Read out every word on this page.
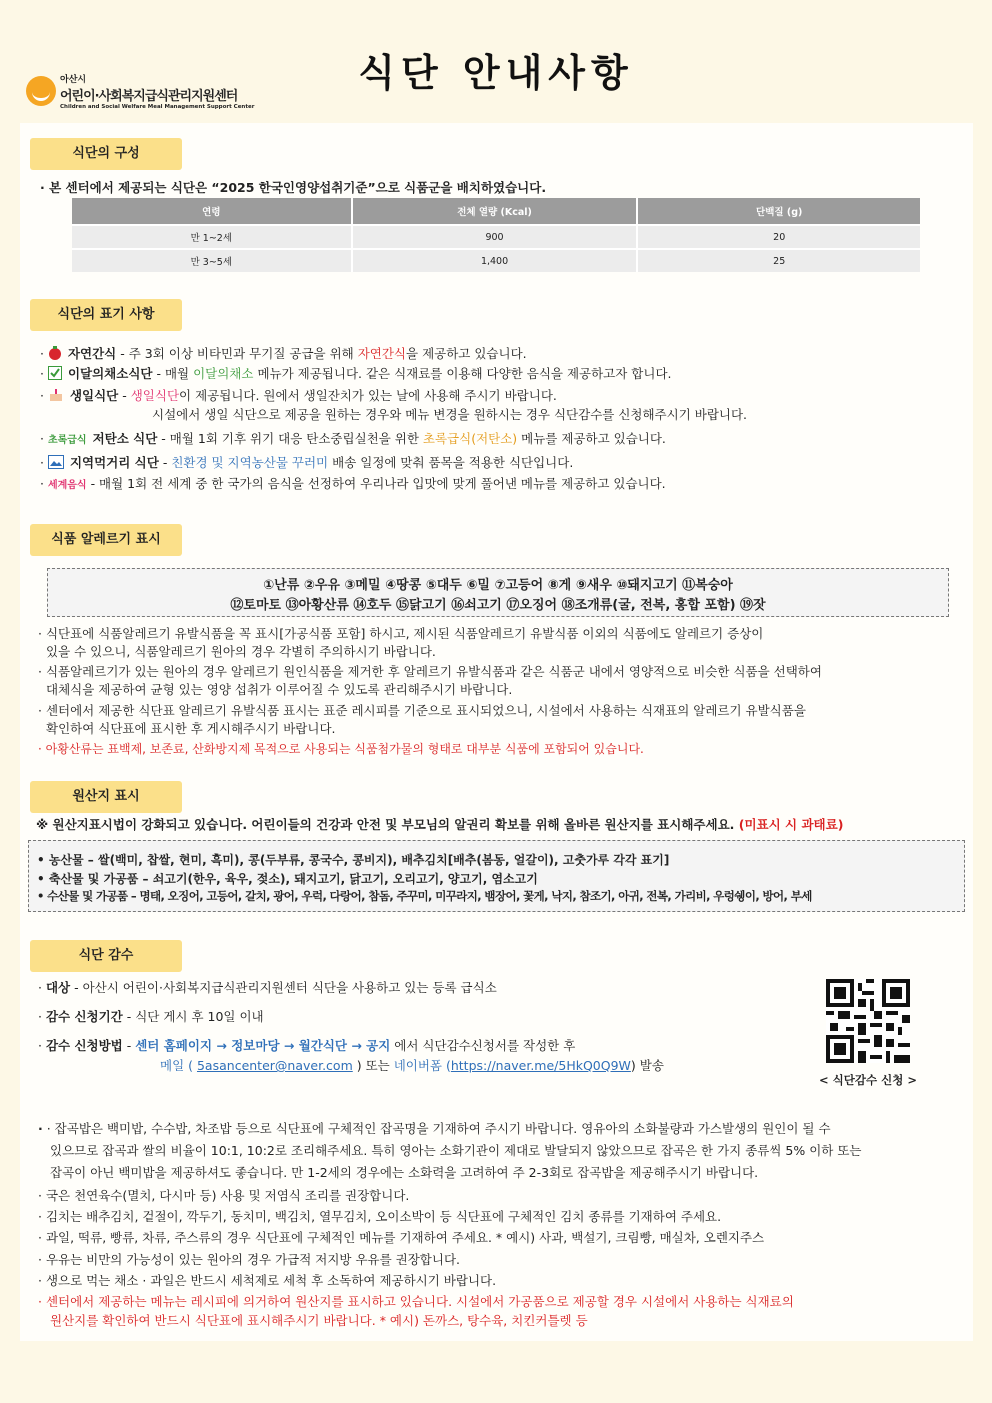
식단 안내사항
아산시
어린이·사회복지급식관리지원센터
Children and Social Welfare Meal Management Support Center
식단의 구성
· 본 센터에서 제공되는 식단은 “2025 한국인영양섭취기준”으로 식품군을 배치하였습니다.
연령	전체 열량 (Kcal)	단백질 (g)
만 1~2세	900	20
만 3~5세	1,400	25
식단의 표기 사항
· 자연간식 - 주 3회 이상 비타민과 무기질 공급을 위해 자연간식을 제공하고 있습니다.
· 이달의채소식단 - 매월 이달의채소 메뉴가 제공됩니다. 같은 식재료를 이용해 다양한 음식을 제공하고자 합니다.
· 생일식단 - 생일식단이 제공됩니다. 원에서 생일잔치가 있는 날에 사용해 주시기 바랍니다.
시설에서 생일 식단으로 제공을 원하는 경우와 메뉴 변경을 원하시는 경우 식단감수를 신청해주시기 바랍니다.
· 초록급식 저탄소 식단 - 매월 1회 기후 위기 대응 탄소중립실천을 위한 초록급식(저탄소) 메뉴를 제공하고 있습니다.
· 지역먹거리 식단 - 친환경 및 지역농산물 꾸러미 배송 일정에 맞춰 품목을 적용한 식단입니다.
· 세계음식 - 매월 1회 전 세계 중 한 국가의 음식을 선정하여 우리나라 입맛에 맞게 풀어낸 메뉴를 제공하고 있습니다.
식품 알레르기 표시
①난류 ②우유 ③메밀 ④땅콩 ⑤대두 ⑥밀 ⑦고등어 ⑧게 ⑨새우 ⑩돼지고기 ⑪복숭아
⑫토마토 ⑬아황산류 ⑭호두 ⑮닭고기 ⑯쇠고기 ⑰오징어 ⑱조개류(굴, 전복, 홍합 포함) ⑲잣
· 식단표에 식품알레르기 유발식품을 꼭 표시[가공식품 포함] 하시고, 제시된 식품알레르기 유발식품 이외의 식품에도 알레르기 증상이
있을 수 있으니, 식품알레르기 원아의 경우 각별히 주의하시기 바랍니다.
· 식품알레르기가 있는 원아의 경우 알레르기 원인식품을 제거한 후 알레르기 유발식품과 같은 식품군 내에서 영양적으로 비슷한 식품을 선택하여
대체식을 제공하여 균형 있는 영양 섭취가 이루어질 수 있도록 관리해주시기 바랍니다.
· 센터에서 제공한 식단표 알레르기 유발식품 표시는 표준 레시피를 기준으로 표시되었으니, 시설에서 사용하는 식재표의 알레르기 유발식품을
확인하여 식단표에 표시한 후 게시해주시기 바랍니다.
· 아황산류는 표백제, 보존료, 산화방지제 목적으로 사용되는 식품첨가물의 형태로 대부분 식품에 포함되어 있습니다.
원산지 표시
※ 원산지표시법이 강화되고 있습니다. 어린이들의 건강과 안전 및 부모님의 알권리 확보를 위해 올바른 원산지를 표시해주세요. (미표시 시 과태료)
• 농산물 – 쌀(백미, 찹쌀, 현미, 흑미), 콩(두부류, 콩국수, 콩비지), 배추김치[배추(봄동, 얼갈이), 고춧가루 각각 표기]
• 축산물 및 가공품 – 쇠고기(한우, 육우, 젖소), 돼지고기, 닭고기, 오리고기, 양고기, 염소고기
• 수산물 및 가공품 – 명태, 오징어, 고등어, 갈치, 광어, 우럭, 다랑어, 참돔, 주꾸미, 미꾸라지, 뱀장어, 꽃게, 낙지, 참조기, 아귀, 전복, 가리비, 우렁쉥이, 방어, 부세
식단 감수
· 대상 - 아산시 어린이·사회복지급식관리지원센터 식단을 사용하고 있는 등록 급식소
· 감수 신청기간 - 식단 게시 후 10일 이내
· 감수 신청방법 - 센터 홈페이지 → 정보마당 → 월간식단 → 공지 에서 식단감수신청서를 작성한 후
메일 ( 5asancenter@naver.com ) 또는 네이버폼 (https://naver.me/5HkQ0Q9W) 발송
< 식단감수 신청 >
· · 잡곡밥은 백미밥, 수수밥, 차조밥 등으로 식단표에 구체적인 잡곡명을 기재하여 주시기 바랍니다. 영유아의 소화불량과 가스발생의 원인이 될 수
있으므로 잡곡과 쌀의 비율이 10:1, 10:2로 조리해주세요. 특히 영아는 소화기관이 제대로 발달되지 않았으므로 잡곡은 한 가지 종류씩 5% 이하 또는
잡곡이 아닌 백미밥을 제공하셔도 좋습니다. 만 1-2세의 경우에는 소화력을 고려하여 주 2-3회로 잡곡밥을 제공해주시기 바랍니다.
· 국은 천연육수(멸치, 다시마 등) 사용 및 저염식 조리를 권장합니다.
· 김치는 배추김치, 겉절이, 깍두기, 동치미, 백김치, 열무김치, 오이소박이 등 식단표에 구체적인 김치 종류를 기재하여 주세요.
· 과일, 떡류, 빵류, 차류, 주스류의 경우 식단표에 구체적인 메뉴를 기재하여 주세요. * 예시) 사과, 백설기, 크림빵, 매실차, 오렌지주스
· 우유는 비만의 가능성이 있는 원아의 경우 가급적 저지방 우유를 권장합니다.
· 생으로 먹는 채소 · 과일은 반드시 세척제로 세척 후 소독하여 제공하시기 바랍니다.
· 센터에서 제공하는 메뉴는 레시피에 의거하여 원산지를 표시하고 있습니다. 시설에서 가공품으로 제공할 경우 시설에서 사용하는 식재료의
원산지를 확인하여 반드시 식단표에 표시해주시기 바랍니다. * 예시) 돈까스, 탕수육, 치킨커틀렛 등
